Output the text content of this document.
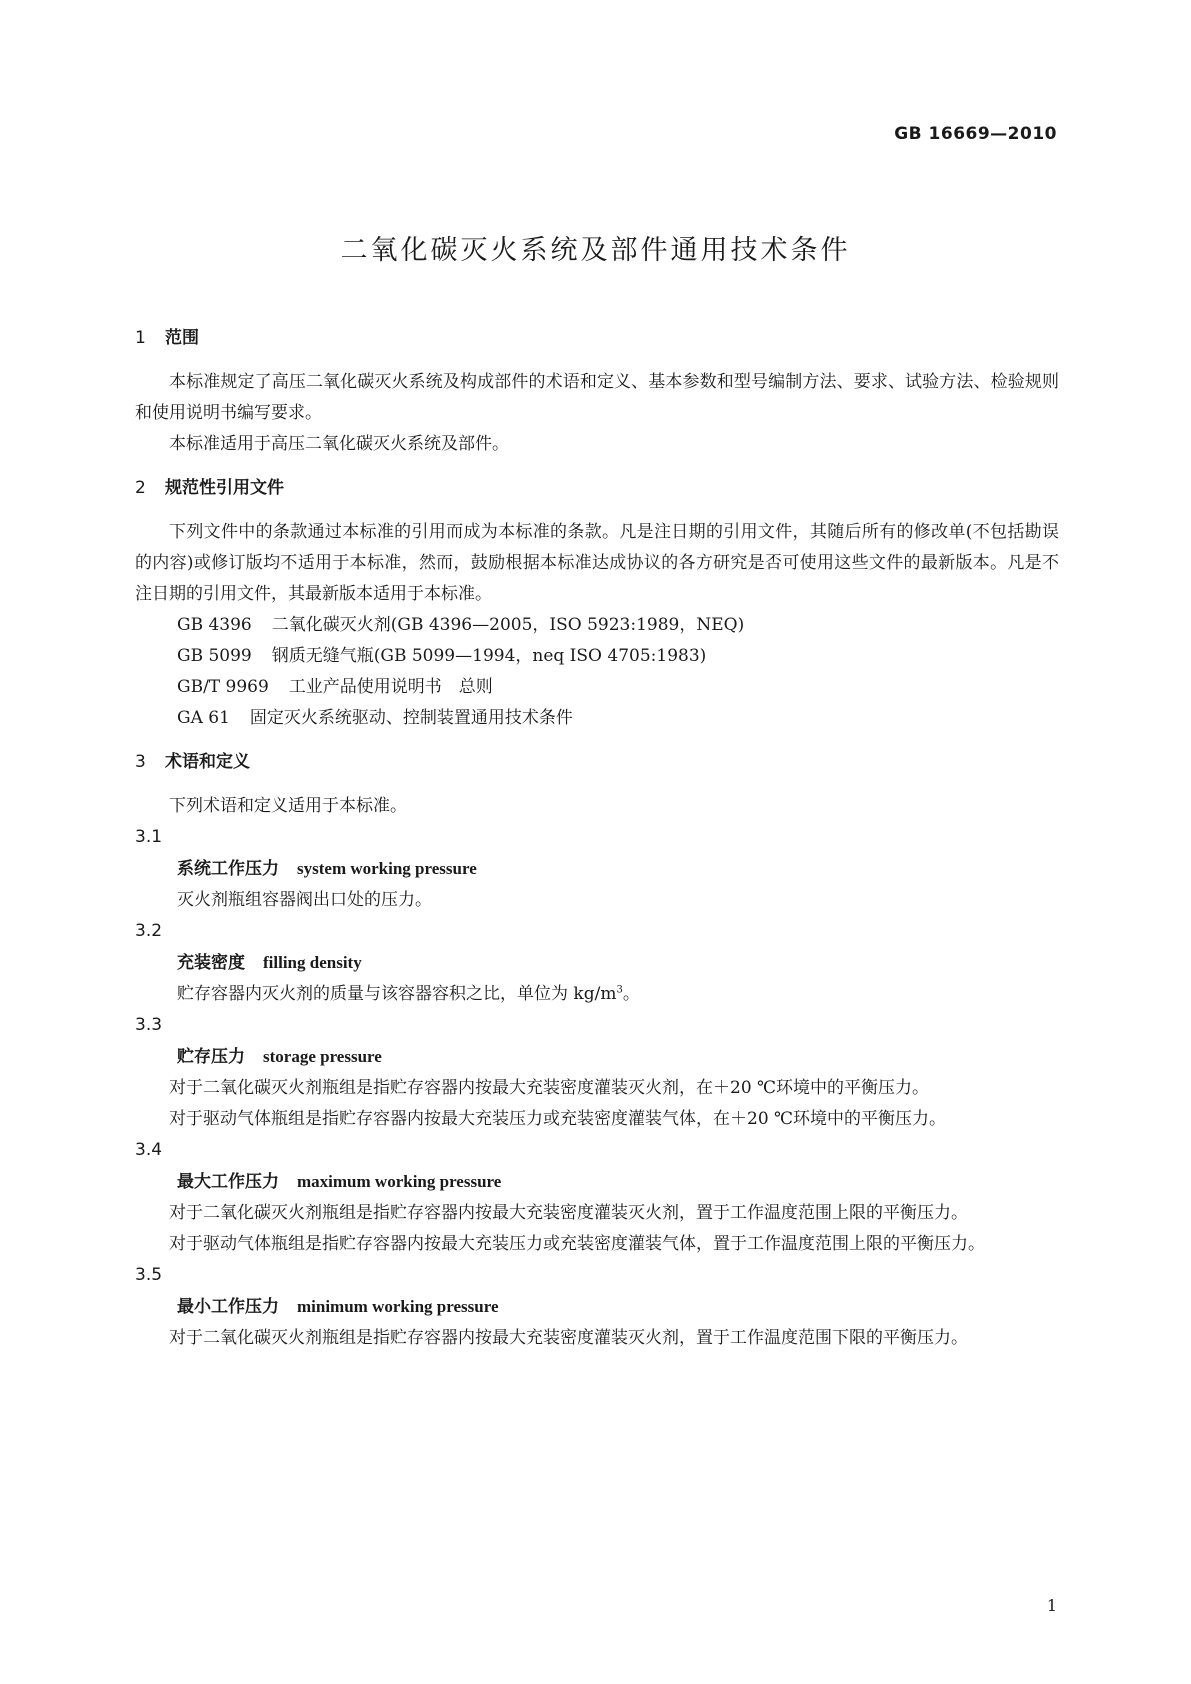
GB 16669—2010
二氧化碳灭火系统及部件通用技术条件
1 范围

本标准规定了高压二氧化碳灭火系统及构成部件的术语和定义、基本参数和型号编制方法、要求、试验方法、检验规则和使用说明书编写要求。

本标准适用于高压二氧化碳灭火系统及部件。

2 规范性引用文件

下列文件中的条款通过本标准的引用而成为本标准的条款。凡是注日期的引用文件，其随后所有的修改单(不包括勘误的内容)或修订版均不适用于本标准，然而，鼓励根据本标准达成协议的各方研究是否可使用这些文件的最新版本。凡是不注日期的引用文件，其最新版本适用于本标准。

GB 4396 二氧化碳灭火剂(GB 4396—2005，ISO 5923:1989，NEQ)

GB 5099 钢质无缝气瓶(GB 5099—1994，neq ISO 4705:1983)

GB/T 9969 工业产品使用说明书　总则

GA 61 固定灭火系统驱动、控制装置通用技术条件

3 术语和定义

下列术语和定义适用于本标准。

3.1

系统工作压力 system working pressure

灭火剂瓶组容器阀出口处的压力。

3.2

充装密度 filling density

贮存容器内灭火剂的质量与该容器容积之比，单位为 $kg/m^3$。

3.3

贮存压力 storage pressure

对于二氧化碳灭火剂瓶组是指贮存容器内按最大充装密度灌装灭火剂，在＋20 ℃环境中的平衡压力。

对于驱动气体瓶组是指贮存容器内按最大充装压力或充装密度灌装气体，在＋20 ℃环境中的平衡压力。

3.4

最大工作压力 maximum working pressure

对于二氧化碳灭火剂瓶组是指贮存容器内按最大充装密度灌装灭火剂，置于工作温度范围上限的平衡压力。

对于驱动气体瓶组是指贮存容器内按最大充装压力或充装密度灌装气体，置于工作温度范围上限的平衡压力。

3.5

最小工作压力 minimum working pressure

对于二氧化碳灭火剂瓶组是指贮存容器内按最大充装密度灌装灭火剂，置于工作温度范围下限的平衡压力。

1
